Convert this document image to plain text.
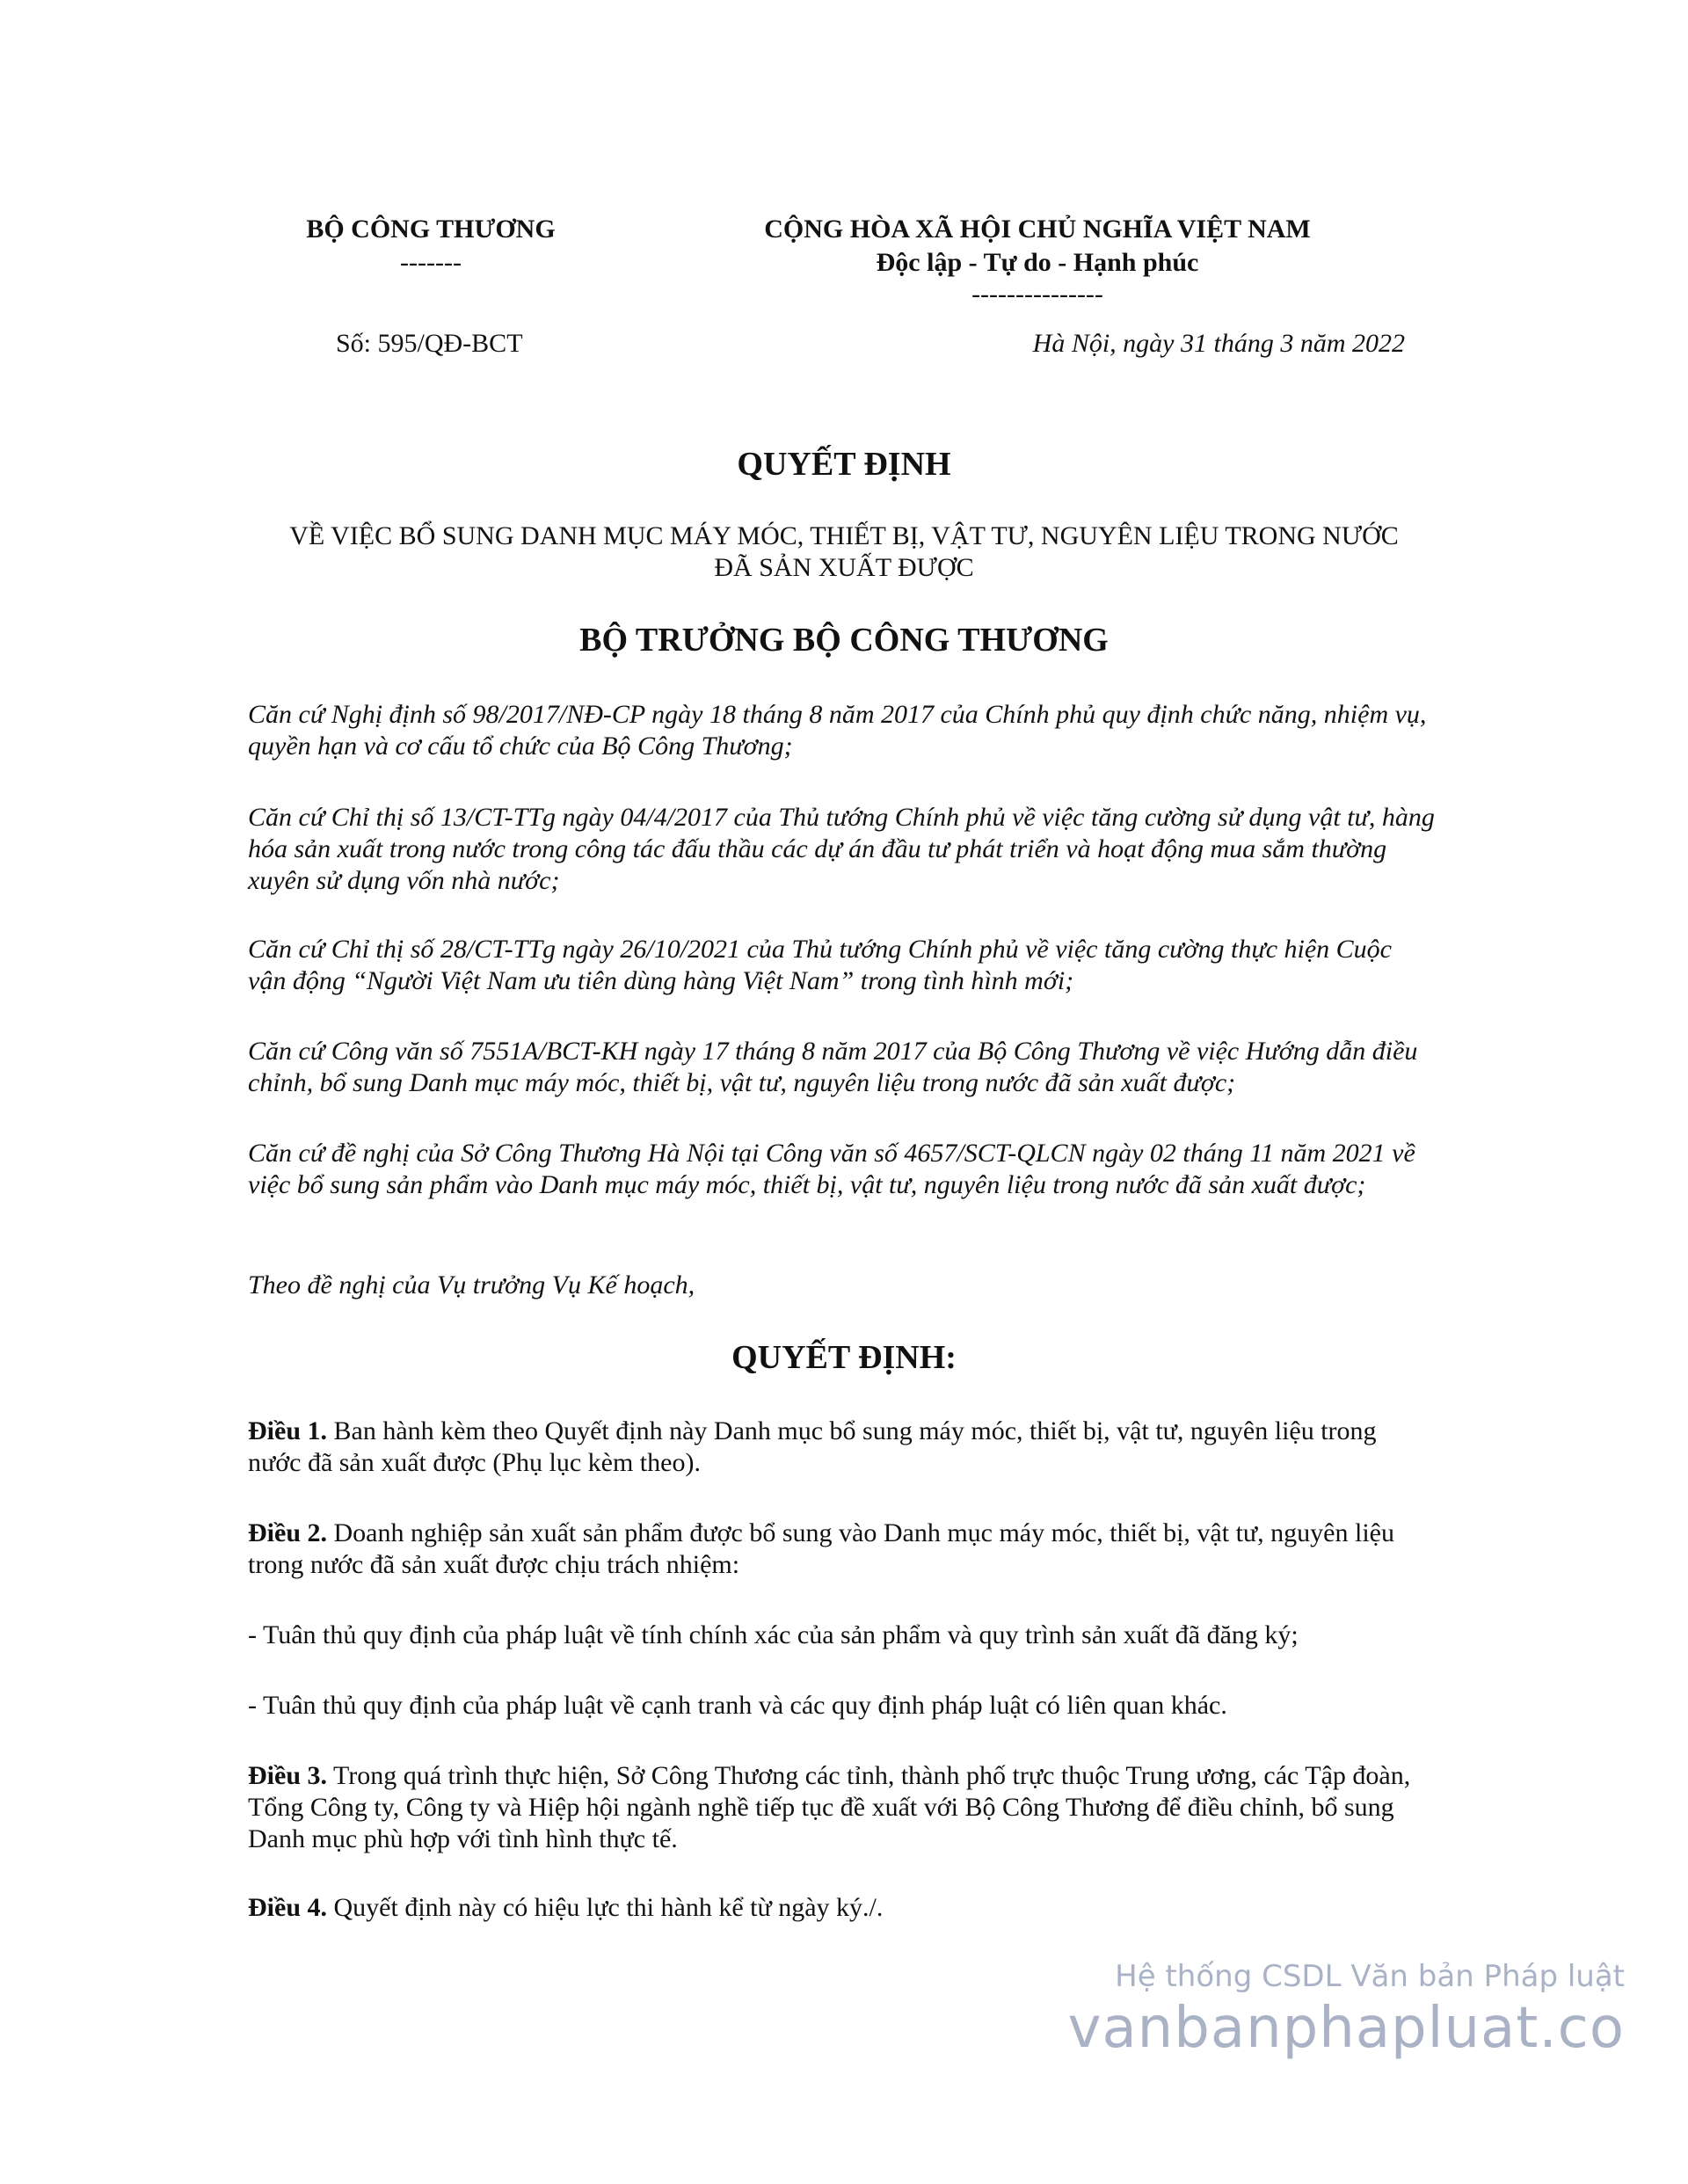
BỘ CÔNG THƯƠNG
-------
CỘNG HÒA XÃ HỘI CHỦ NGHĨA VIỆT NAM
Độc lập - Tự do - Hạnh phúc
---------------
Số: 595/QĐ-BCT	Hà Nội, ngày 31 tháng 3 năm 2022
QUYẾT ĐỊNH
VỀ VIỆC BỔ SUNG DANH MỤC MÁY MÓC, THIẾT BỊ, VẬT TƯ, NGUYÊN LIỆU TRONG NƯỚC
ĐÃ SẢN XUẤT ĐƯỢC
BỘ TRƯỞNG BỘ CÔNG THƯƠNG
Căn cứ Nghị định số 98/2017/NĐ-CP ngày 18 tháng 8 năm 2017 của Chính phủ quy định chức năng, nhiệm vụ, quyền hạn và cơ cấu tổ chức của Bộ Công Thương;
Căn cứ Chỉ thị số 13/CT-TTg ngày 04/4/2017 của Thủ tướng Chính phủ về việc tăng cường sử dụng vật tư, hàng hóa sản xuất trong nước trong công tác đấu thầu các dự án đầu tư phát triển và hoạt động mua sắm thường xuyên sử dụng vốn nhà nước;
Căn cứ Chỉ thị số 28/CT-TTg ngày 26/10/2021 của Thủ tướng Chính phủ về việc tăng cường thực hiện Cuộc vận động “Người Việt Nam ưu tiên dùng hàng Việt Nam” trong tình hình mới;
Căn cứ Công văn số 7551A/BCT-KH ngày 17 tháng 8 năm 2017 của Bộ Công Thương về việc Hướng dẫn điều chỉnh, bổ sung Danh mục máy móc, thiết bị, vật tư, nguyên liệu trong nước đã sản xuất được;
Căn cứ đề nghị của Sở Công Thương Hà Nội tại Công văn số 4657/SCT-QLCN ngày 02 tháng 11 năm 2021 về việc bổ sung sản phẩm vào Danh mục máy móc, thiết bị, vật tư, nguyên liệu trong nước đã sản xuất được;
Theo đề nghị của Vụ trưởng Vụ Kế hoạch,
QUYẾT ĐỊNH:
Điều 1. Ban hành kèm theo Quyết định này Danh mục bổ sung máy móc, thiết bị, vật tư, nguyên liệu trong nước đã sản xuất được (Phụ lục kèm theo).
Điều 2. Doanh nghiệp sản xuất sản phẩm được bổ sung vào Danh mục máy móc, thiết bị, vật tư, nguyên liệu trong nước đã sản xuất được chịu trách nhiệm:
- Tuân thủ quy định của pháp luật về tính chính xác của sản phẩm và quy trình sản xuất đã đăng ký;
- Tuân thủ quy định của pháp luật về cạnh tranh và các quy định pháp luật có liên quan khác.
Điều 3. Trong quá trình thực hiện, Sở Công Thương các tỉnh, thành phố trực thuộc Trung ương, các Tập đoàn, Tổng Công ty, Công ty và Hiệp hội ngành nghề tiếp tục đề xuất với Bộ Công Thương để điều chỉnh, bổ sung Danh mục phù hợp với tình hình thực tế.
Điều 4. Quyết định này có hiệu lực thi hành kể từ ngày ký./.
Hệ thống CSDL Văn bản Pháp luật
vanbanphapluat.co
